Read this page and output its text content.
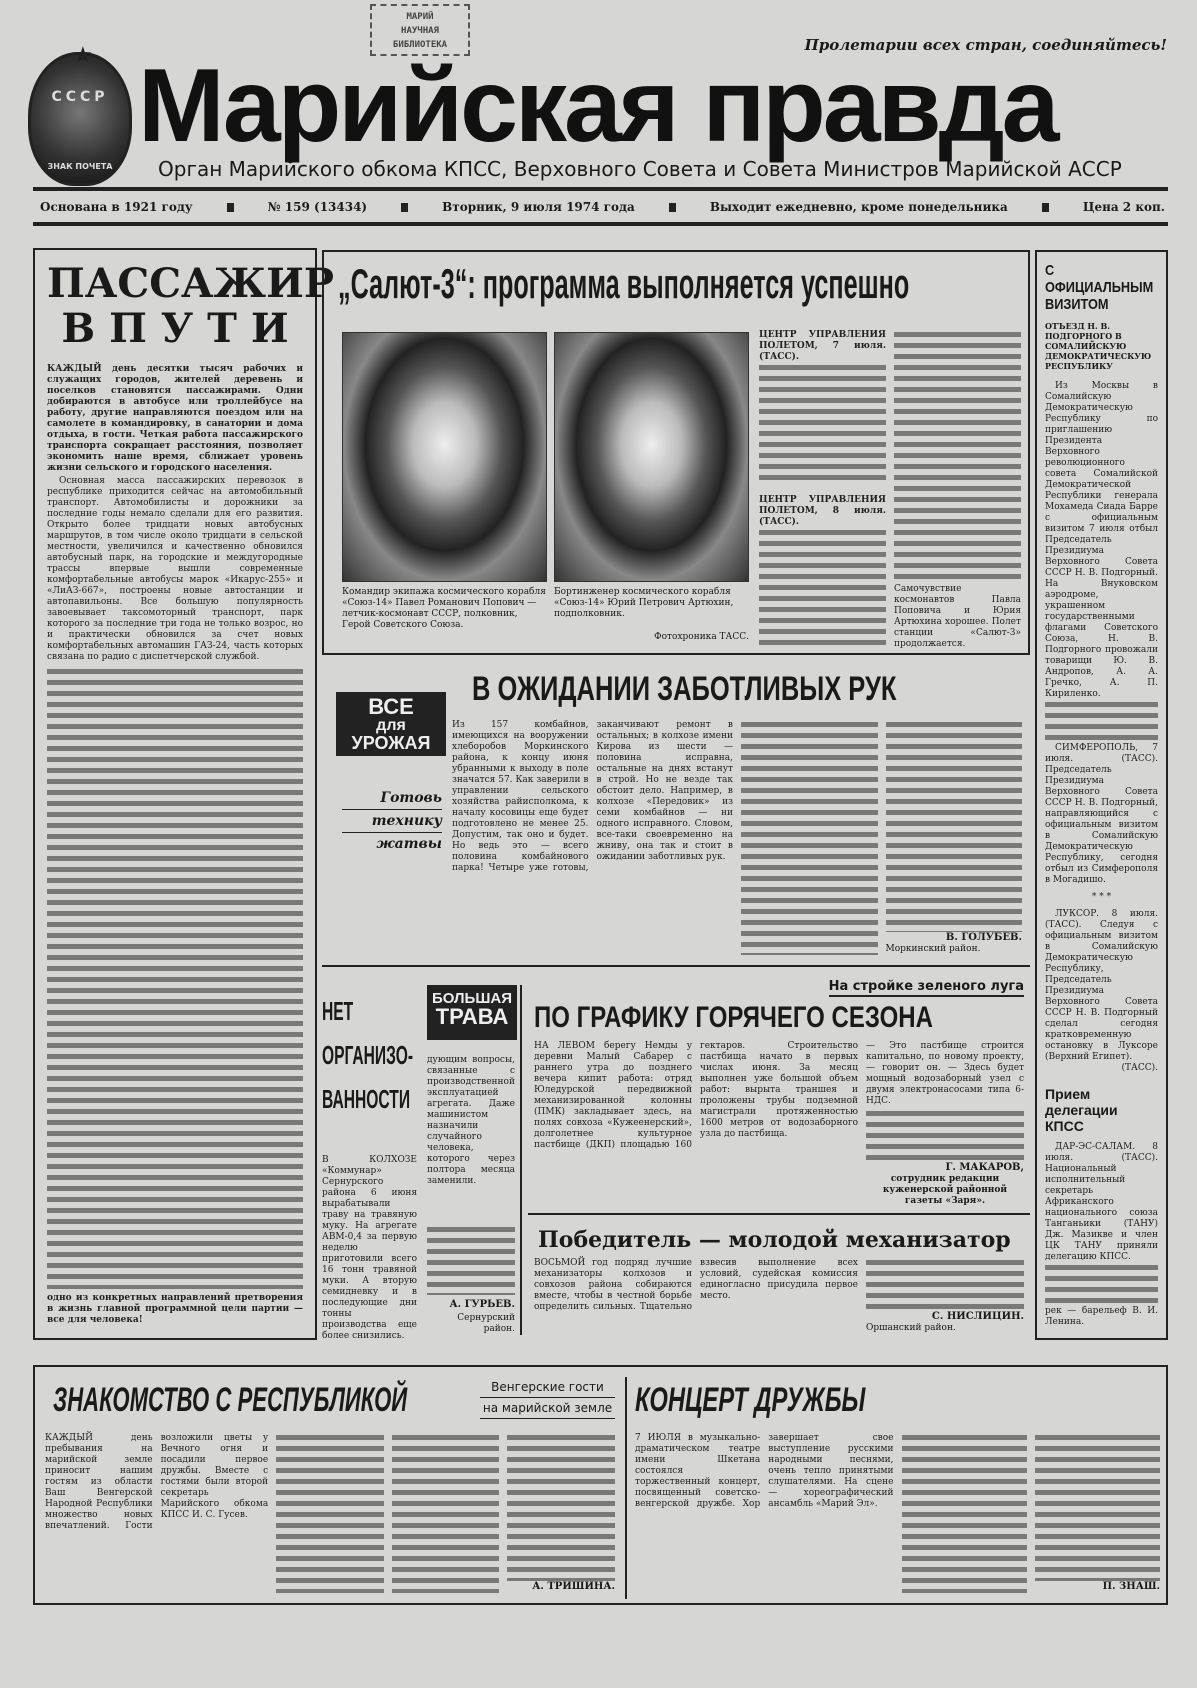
МАРИЙ
НАУЧНАЯ
БИБЛИОТЕКА
★
СССР
ЗНАК ПОЧЕТА
Пролетарии всех стран, соединяйтесь!
Марийская правда
Орган Марийского обкома КПСС, Верховного Совета и Совета Министров Марийской АССР
Основана в 1921 году	№ 159 (13434)	Вторник, 9 июля 1974 года	Выходит ежедневно, кроме понедельника	Цена 2 коп.
ПАССАЖИР
В П У Т И

КАЖДЫЙ день десятки тысяч рабочих и служащих городов, жителей деревень и поселков становятся пассажирами. Одни добираются в автобусе или троллейбусе на работу, другие направляются поездом или на самолете в командировку, в санатории и дома отдыха, в гости. Четкая работа пассажирского транспорта сокращает расстояния, позволяет экономить наше время, сближает уровень жизни сельского и городского населения.

Основная масса пассажирских перевозок в республике приходится сейчас на автомобильный транспорт. Автомобилисты и дорожники за последние годы немало сделали для его развития. Открыто более тридцати новых автобусных маршрутов, в том числе около тридцати в сельской местности, увеличился и качественно обновился автобусный парк, на городские и междугородные трассы впервые вышли современные комфортабельные автобусы марок «Икарус-255» и «ЛиАЗ-667», построены новые автостанции и автопавильоны. Все большую популярность завоевывает таксомоторный транспорт, парк которого за последние три года не только возрос, но и практически обновился за счет новых комфортабельных автомашин ГАЗ-24, часть которых связана по радио с диспетчерской службой.

одно из конкретных направлений претворения в жизнь главной программной цели партии — все для человека!

„Салют-3“: программа выполняется успешно

Командир экипажа космического корабля «Союз-14» Павел Романович Попович — летчик-космонавт СССР, полковник, Герой Советского Союза.

Бортинженер космического корабля «Союз-14» Юрий Петрович Артюхин, подполковник.

Фотохроника ТАСС.

ЦЕНТР УПРАВЛЕНИЯ ПОЛЕТОМ, 7 июля. (ТАСС).

ЦЕНТР УПРАВЛЕНИЯ ПОЛЕТОМ, 8 июля. (ТАСС).

Самочувствие космонавтов Павла Поповича и Юрия Артюхина хорошее. Полет станции «Салют-3» продолжается.

ВСЕ
для
УРОЖАЯ
Готовь
технику
жатвы
В ОЖИДАНИИ ЗАБОТЛИВЫХ РУК

Из 157 комбайнов, имеющихся на вооружении хлеборобов Моркинского района, к концу июня убранными к выходу в поле значатся 57. Как заверили в управлении сельского хозяйства райисполкома, к началу косовицы еще будет подготовлено не менее 25. Допустим, так оно и будет. Но ведь это — всего половина комбайнового парка! Четыре уже готовы, заканчивают ремонт в остальных; в колхозе имени Кирова из шести — половина исправна, остальные на днях встанут в строй. Но не везде так обстоит дело. Например, в колхозе «Передовик» из семи комбайнов — ни одного исправного. Словом, все-таки своевременно на жниву, она так и стоит в ожидании заботливых рук.

В. ГОЛУБЕВ.

Моркинский район.

НЕТ ОРГАНИЗО-ВАННОСТИ

В КОЛХОЗЕ «Коммунар» Сернурского района 6 июня вырабатывали траву на травяную муку. На агрегате АВМ-0,4 за первую неделю приготовили всего 16 тонн травяной муки. А вторую семидневку и в последующие дни тонны производства еще более снизились.

БОЛЬШАЯ
ТРАВА

дующим вопросы, связанные с производственной эксплуатацией агрегата. Даже машинистом назначили случайного человека, которого через полтора месяца заменили.

А. ГУРЬЕВ.

Сернурский район.

На стройке зеленого луга
ПО ГРАФИКУ ГОРЯЧЕГО СЕЗОНА

НА ЛЕВОМ берегу Немды у деревни Малый Сабарер с раннего утра до позднего вечера кипит работа: отряд Юледурской передвижной механизированной колонны (ПМК) закладывает здесь, на полях совхоза «Кужеенерский», долголетнее культурное пастбище (ДКП) площадью 160 гектаров. Строительство пастбища начато в первых числах июня. За месяц выполнен уже большой объем работ: вырыта траншея и проложены трубы подземной магистрали протяженностью 1600 метров от водозаборного узла до пастбища.

— Это пастбище строится капитально, по новому проекту, — говорит он. — Здесь будет мощный водозаборный узел с двумя электронасосами типа 6-НДС.

Г. МАКАРОВ,

сотрудник редакции куженерской районной газеты «Заря».

Победитель — молодой механизатор

ВОСЬМОЙ год подряд лучшие механизаторы колхозов и совхозов района собираются вместе, чтобы в честной борьбе определить сильных. Тщательно взвесив выполнение всех условий, судейская комиссия единогласно присудила первое место.

С. НИСЛИЦИН.

Оршанский район.

С ОФИЦИАЛЬНЫМ ВИЗИТОМ

ОТЪЕЗД Н. В. ПОДГОРНОГО В СОМАЛИЙСКУЮ ДЕМОКРАТИЧЕСКУЮ РЕСПУБЛИКУ

Из Москвы в Сомалийскую Демократическую Республику по приглашению Президента Верховного революционного совета Сомалийской Демократической Республики генерала Мохамеда Сиада Барре с официальным визитом 7 июля отбыл Председатель Президиума Верховного Совета СССР Н. В. Подгорный. На Внуковском аэродроме, украшенном государственными флагами Советского Союза, Н. В. Подгорного провожали товарищи Ю. В. Андропов, А. А. Гречко, А. П. Кириленко.

СИМФЕРОПОЛЬ, 7 июля. (ТАСС). Председатель Президиума Верховного Совета СССР Н. В. Подгорный, направляющийся с официальным визитом в Сомалийскую Демократическую Республику, сегодня отбыл из Симферополя в Могадишо.

* * *

ЛУКСОР. 8 июля. (ТАСС). Следуя с официальным визитом в Сомалийскую Демократическую Республику, Председатель Президиума Верховного Совета СССР Н. В. Подгорный сделал сегодня кратковременную остановку в Луксоре (Верхний Египет).

(ТАСС).

Прием делегации КПСС

ДАР-ЭС-САЛАМ. 8 июля. (ТАСС). Национальный исполнительный секретарь Африканского национального союза Танганьики (ТАНУ) Дж. Мазикве и член ЦК ТАНУ приняли делегацию КПСС.

рек — барельеф В. И. Ленина.

ЗНАКОМСТВО С РЕСПУБЛИКОЙ	Венгерские гости
на марийской земле

КАЖДЫЙ день пребывания на марийской земле приносит нашим гостям из области Ваш Венгерской Народной Республики множество новых впечатлений. Гости возложили цветы у Вечного огня и посадили первое дружбы. Вместе с гостями были второй секретарь Марийского обкома КПСС И. С. Гусев.

А. ТРИШИНА.

КОНЦЕРТ ДРУЖБЫ

7 ИЮЛЯ в музыкально-драматическом театре имени Шкетана состоялся торжественный концерт, посвященный советско-венгерской дружбе. Хор завершает свое выступление русскими народными песнями, очень тепло принятыми слушателями. На сцене — хореографический ансамбль «Марий Эл».

П. ЗНАШ.
